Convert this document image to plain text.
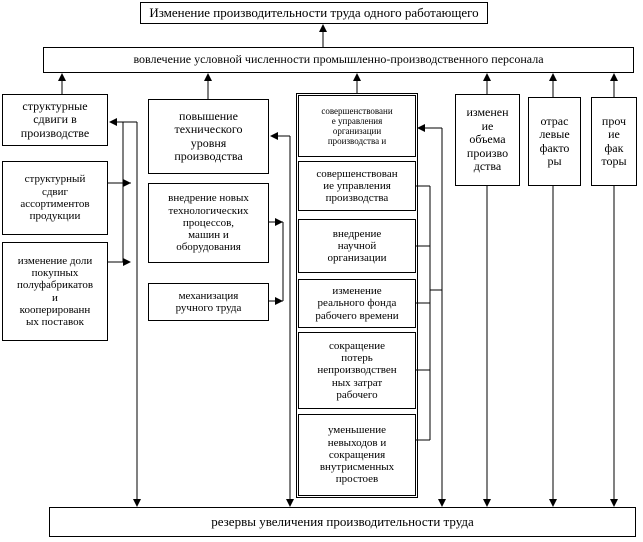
Изменение производительности труда одного работающего
вовлечение условной численности промышленно-производственного персонала
резервы увеличения производительности труда
структурные
сдвиги в
производстве
структурный
сдвиг
ассортиментов
продукции
изменение доли
покупных
полуфабрикатов
и
кооперированн
ых поставок
повышение
технического
уровня
производства
внедрение новых
технологических
процессов,
машин и
оборудования
механизация
ручного труда
совершенствовани
е управления
организации
производства и
совершенствован
ие управления
производства
внедрение
научной
организации
изменение
реального фонда
рабочего времени
сокращение
потерь
непроизводствен
ных затрат
рабочего
уменьшение
невыходов и
сокращения
внутрисменных
простоев
изменен
ие
объема
произво
дства
отрас
левые
факто
ры
проч
ие
фак
торы
